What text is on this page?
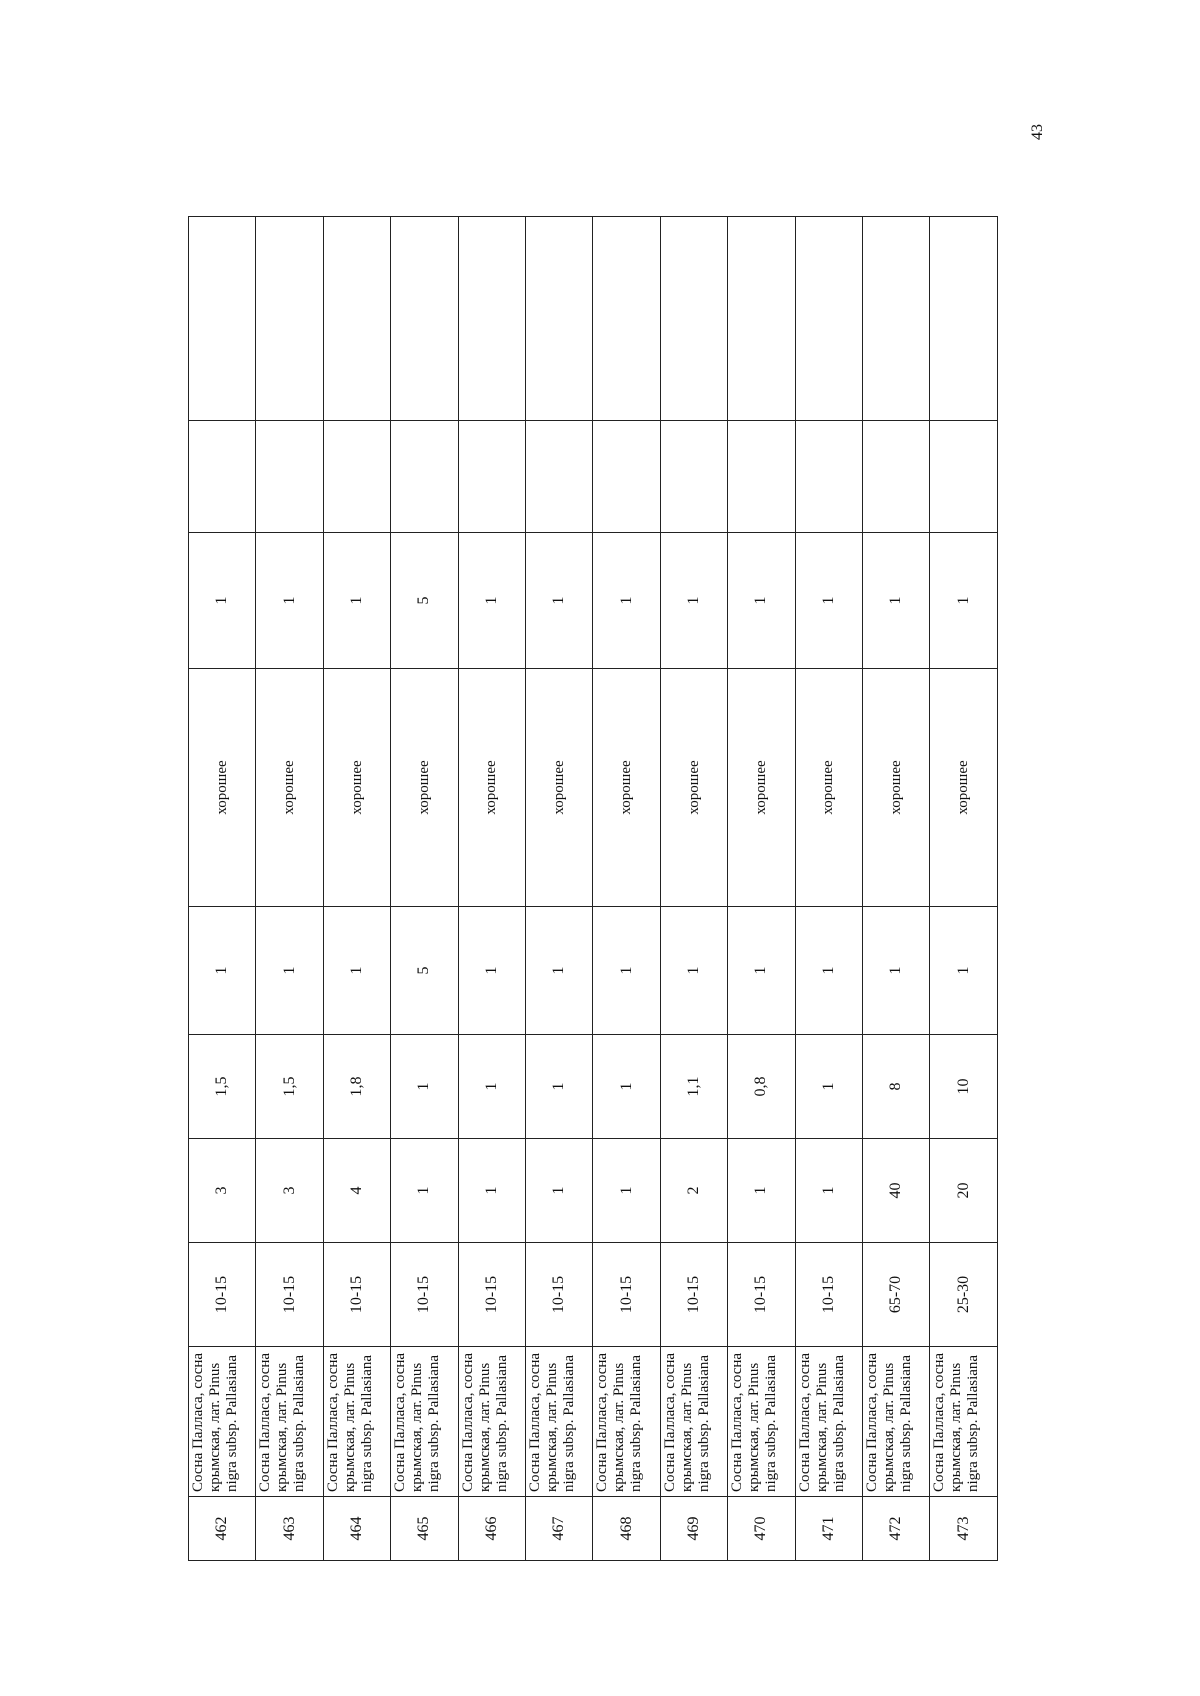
43
462	Сосна Палласа, сосна крымская, лат. Pinus nigra subsp. Pallasiana	10-15	3	1,5	1	хорошее	1		
463	Сосна Палласа, сосна крымская, лат. Pinus nigra subsp. Pallasiana	10-15	3	1,5	1	хорошее	1		
464	Сосна Палласа, сосна крымская, лат. Pinus nigra subsp. Pallasiana	10-15	4	1,8	1	хорошее	1		
465	Сосна Палласа, сосна крымская, лат. Pinus nigra subsp. Pallasiana	10-15	1	1	5	хорошее	5		
466	Сосна Палласа, сосна крымская, лат. Pinus nigra subsp. Pallasiana	10-15	1	1	1	хорошее	1		
467	Сосна Палласа, сосна крымская, лат. Pinus nigra subsp. Pallasiana	10-15	1	1	1	хорошее	1		
468	Сосна Палласа, сосна крымская, лат. Pinus nigra subsp. Pallasiana	10-15	1	1	1	хорошее	1		
469	Сосна Палласа, сосна крымская, лат. Pinus nigra subsp. Pallasiana	10-15	2	1,1	1	хорошее	1		
470	Сосна Палласа, сосна крымская, лат. Pinus nigra subsp. Pallasiana	10-15	1	0,8	1	хорошее	1		
471	Сосна Палласа, сосна крымская, лат. Pinus nigra subsp. Pallasiana	10-15	1	1	1	хорошее	1		
472	Сосна Палласа, сосна крымская, лат. Pinus nigra subsp. Pallasiana	65-70	40	8	1	хорошее	1		
473	Сосна Палласа, сосна крымская, лат. Pinus nigra subsp. Pallasiana	25-30	20	10	1	хорошее	1		
